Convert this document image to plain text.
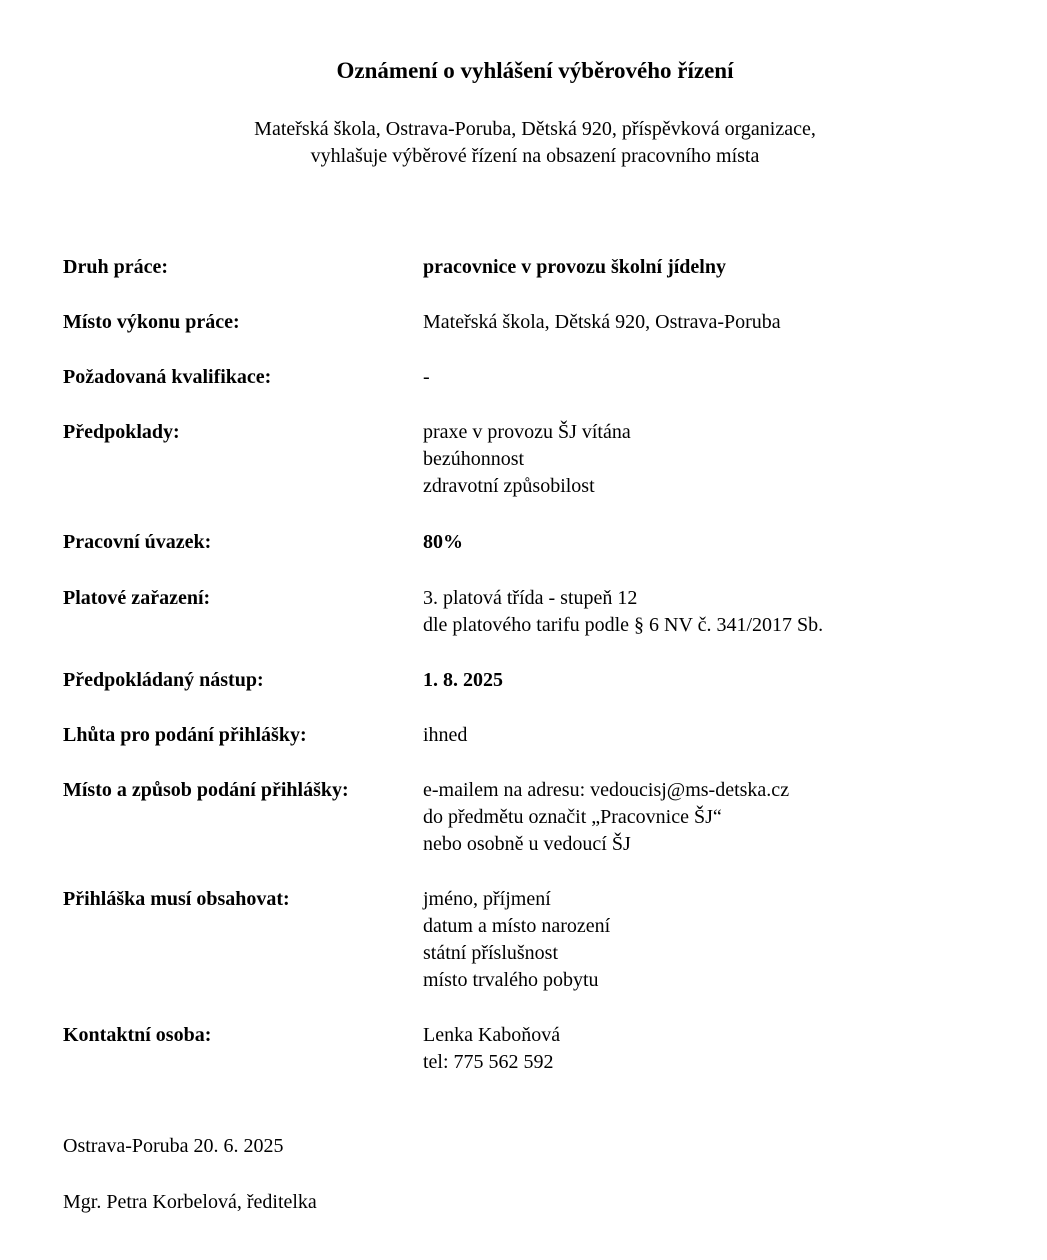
Oznámení o vyhlášení výběrového řízení
Mateřská škola, Ostrava-Poruba, Dětská 920, příspěvková organizace,
vyhlašuje výběrové řízení na obsazení pracovního místa
Druh práce:	pracovnice v provozu školní jídelny
Místo výkonu práce:	Mateřská škola, Dětská 920, Ostrava-Poruba
Požadovaná kvalifikace:	-
Předpoklady:	praxe v provozu ŠJ vítána
bezúhonnost
zdravotní způsobilost
Pracovní úvazek:	80%
Platové zařazení:	3. platová třída - stupeň 12
dle platového tarifu podle § 6 NV č. 341/2017 Sb.
Předpokládaný nástup:	1. 8. 2025
Lhůta pro podání přihlášky:	ihned
Místo a způsob podání přihlášky:	e-mailem na adresu: vedoucisj@ms-detska.cz
do předmětu označit „Pracovnice ŠJ“
nebo osobně u vedoucí ŠJ
Přihláška musí obsahovat:	jméno, příjmení
datum a místo narození
státní příslušnost
místo trvalého pobytu
Kontaktní osoba:	Lenka Kaboňová
tel: 775 562 592
Ostrava-Poruba 20. 6. 2025
Mgr. Petra Korbelová, ředitelka
